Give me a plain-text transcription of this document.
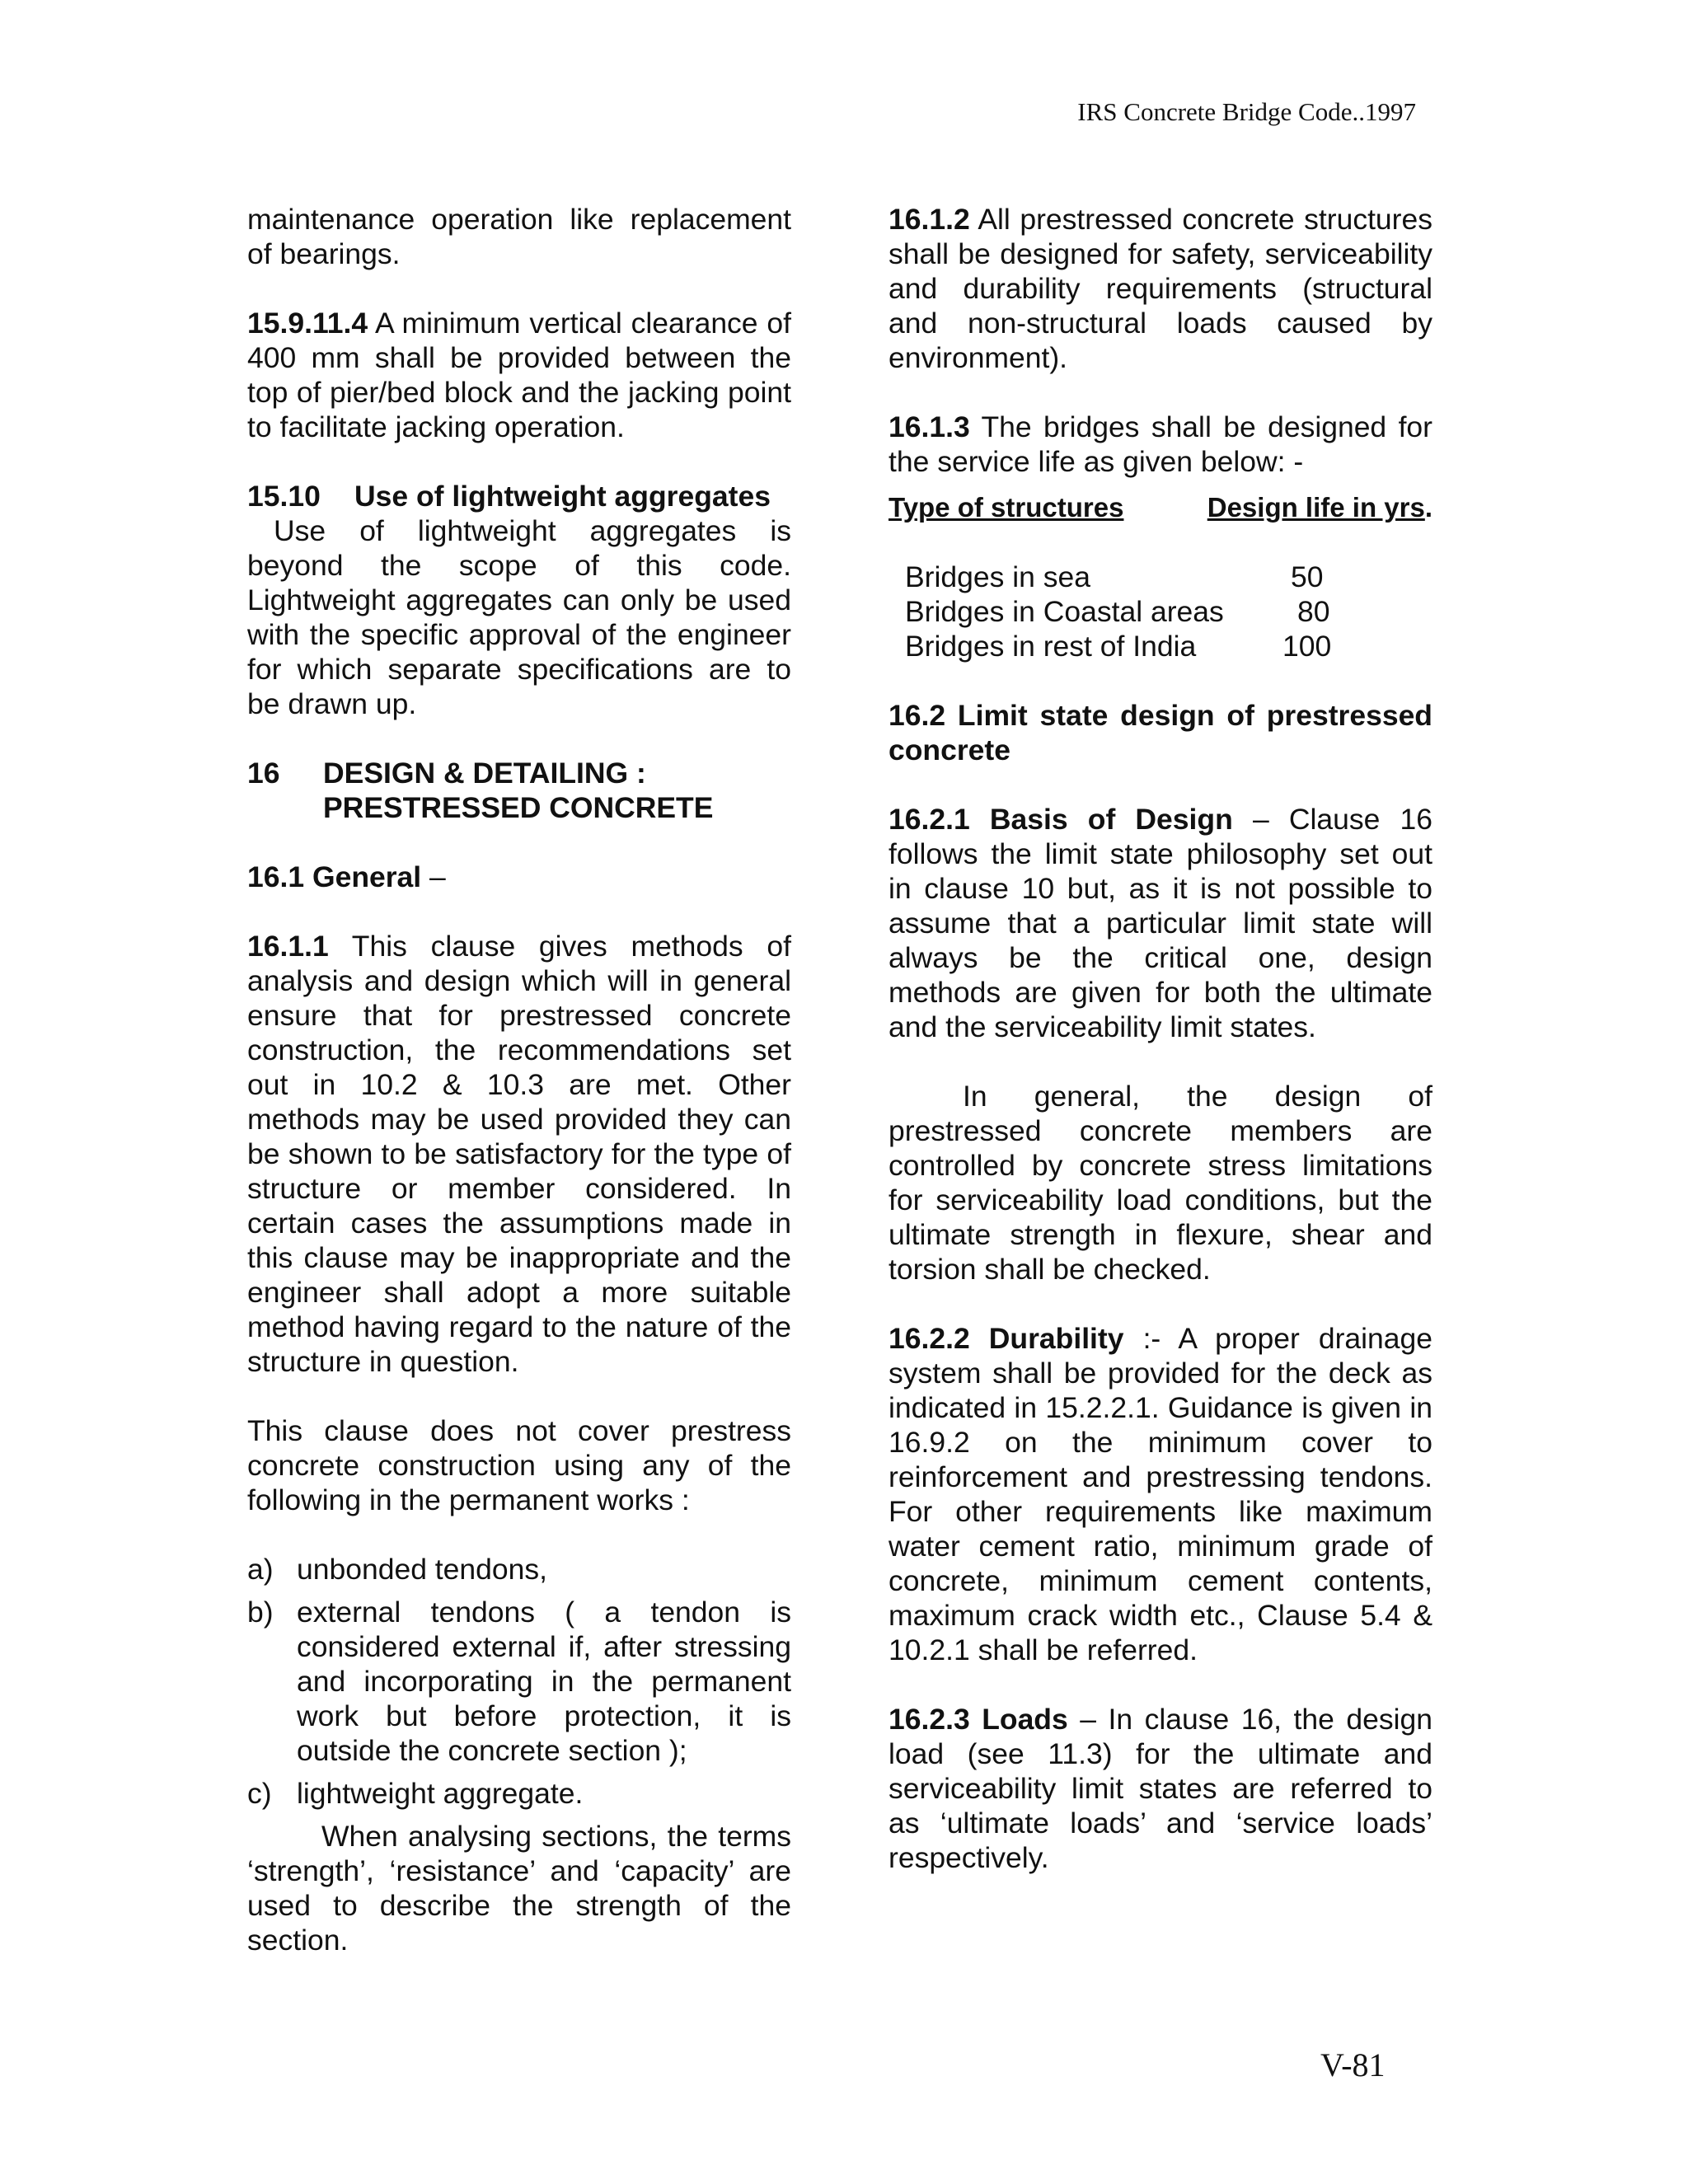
IRS Concrete Bridge Code..1997

maintenance operation like replacement of bearings.

15.9.11.4 A minimum vertical clearance of 400 mm shall be provided between the top of pier/bed block and the jacking point to facilitate jacking operation.

15.10	Use of lightweight aggregates

Use of lightweight aggregates is beyond the scope of this code. Lightweight aggregates can only be used with the specific approval of the engineer for which separate specifications are to be drawn up.

16	DESIGN & DETAILING :
PRESTRESSED CONCRETE

16.1 General –

16.1.1 This clause gives methods of analysis and design which will in general ensure that for prestressed concrete construction, the recommendations set out in 10.2 & 10.3 are met. Other methods may be used provided they can be shown to be satisfactory for the type of structure or member considered. In certain cases the assumptions made in this clause may be inappropriate and the engineer shall adopt a more suitable method having regard to the nature of the structure in question.

This clause does not cover prestress concrete construction using any of the following in the permanent works :

a) unbonded tendons,
b) external tendons ( a tendon is considered external if, after stressing and incorporating in the permanent work but before protection, it is outside the concrete section );
c) lightweight aggregate.

When analysing sections, the terms ‘strength’, ‘resistance’ and ‘capacity’ are used to describe the strength of the section.

16.1.2 All prestressed concrete structures shall be designed for safety, serviceability and durability requirements (structural and non-structural loads caused by environment).

16.1.3 The bridges shall be designed for the service life as given below: -

Type of structures	Design life in yrs.
Bridges in sea	50
Bridges in Coastal areas	80
Bridges in rest of India	100

16.2 Limit state design of prestressed concrete

16.2.1 Basis of Design – Clause 16 follows the limit state philosophy set out in clause 10 but, as it is not possible to assume that a particular limit state will always be the critical one, design methods are given for both the ultimate and the serviceability limit states.

In general, the design of prestressed concrete members are controlled by concrete stress limitations for serviceability load conditions, but the ultimate strength in flexure, shear and torsion shall be checked.

16.2.2 Durability :- A proper drainage system shall be provided for the deck as indicated in 15.2.2.1. Guidance is given in 16.9.2 on the minimum cover to reinforcement and prestressing tendons. For other requirements like maximum water cement ratio, minimum grade of concrete, minimum cement contents, maximum crack width etc., Clause 5.4 & 10.2.1 shall be referred.

16.2.3 Loads – In clause 16, the design load (see 11.3) for the ultimate and serviceability limit states are referred to as ‘ultimate loads’ and ‘service loads’ respectively.

V-81
